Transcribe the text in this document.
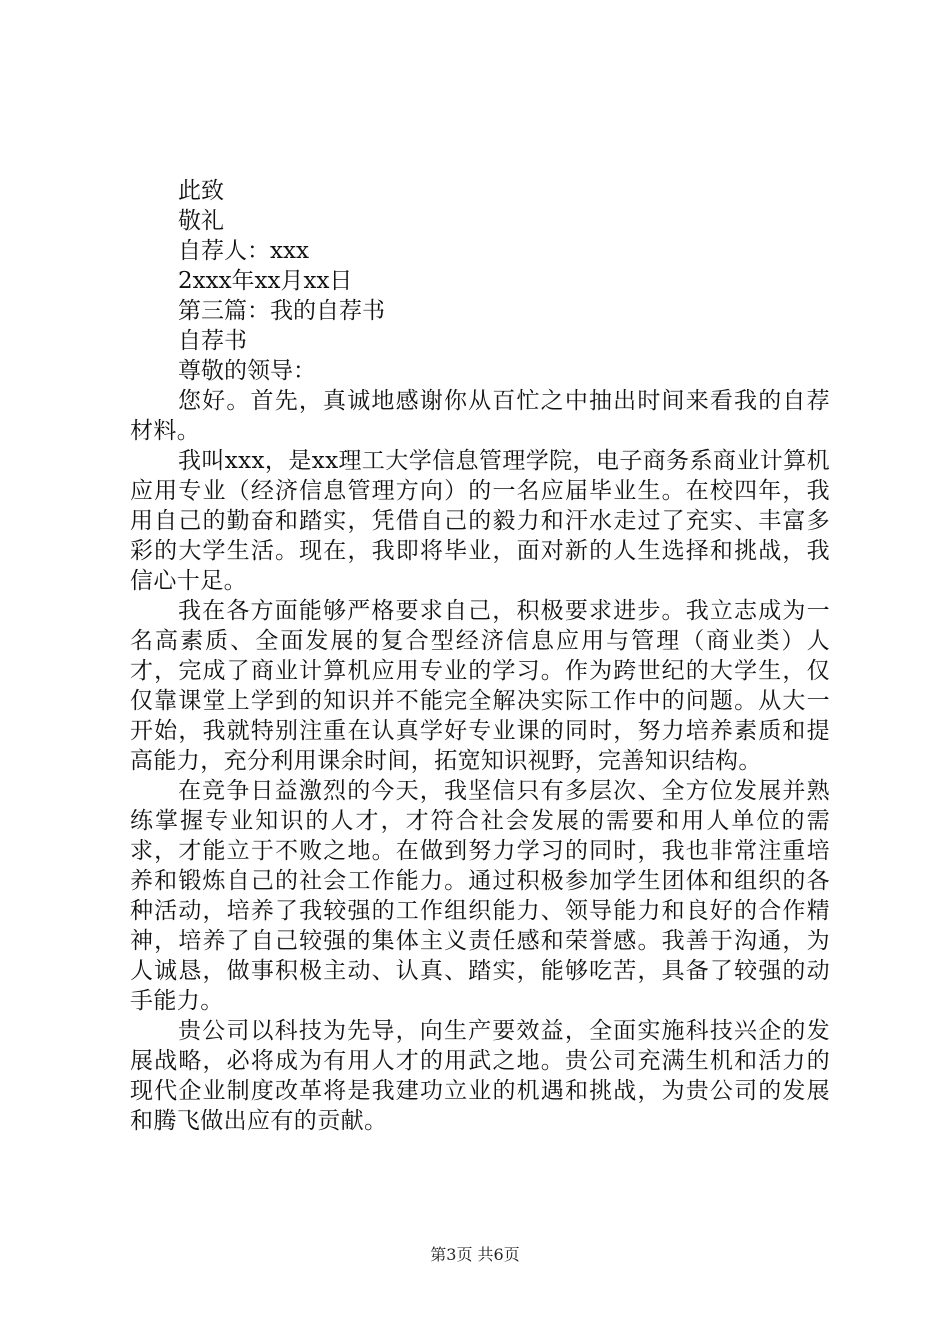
此致
敬礼
自荐人：xxx
2xxx年xx月xx日
第三篇：我的自荐书
自荐书
尊敬的领导：

您好。首先，真诚地感谢你从百忙之中抽出时间来看我的自荐材料。

我叫xxx，是xx理工大学信息管理学院，电子商务系商业计算机应用专业（经济信息管理方向）的一名应届毕业生。在校四年，我用自己的勤奋和踏实，凭借自己的毅力和汗水走过了充实、丰富多彩的大学生活。现在，我即将毕业，面对新的人生选择和挑战，我信心十足。

我在各方面能够严格要求自己，积极要求进步。我立志成为一名高素质、全面发展的复合型经济信息应用与管理（商业类）人才，完成了商业计算机应用专业的学习。作为跨世纪的大学生，仅仅靠课堂上学到的知识并不能完全解决实际工作中的问题。从大一开始，我就特别注重在认真学好专业课的同时，努力培养素质和提高能力，充分利用课余时间，拓宽知识视野，完善知识结构。

在竞争日益激烈的今天，我坚信只有多层次、全方位发展并熟练掌握专业知识的人才，才符合社会发展的需要和用人单位的需求，才能立于不败之地。在做到努力学习的同时，我也非常注重培养和锻炼自己的社会工作能力。通过积极参加学生团体和组织的各种活动，培养了我较强的工作组织能力、领导能力和良好的合作精神，培养了自己较强的集体主义责任感和荣誉感。我善于沟通，为人诚恳，做事积极主动、认真、踏实，能够吃苦，具备了较强的动手能力。

贵公司以科技为先导，向生产要效益，全面实施科技兴企的发展战略，必将成为有用人才的用武之地。贵公司充满生机和活力的现代企业制度改革将是我建功立业的机遇和挑战，为贵公司的发展和腾飞做出应有的贡献。

第3页 共6页
